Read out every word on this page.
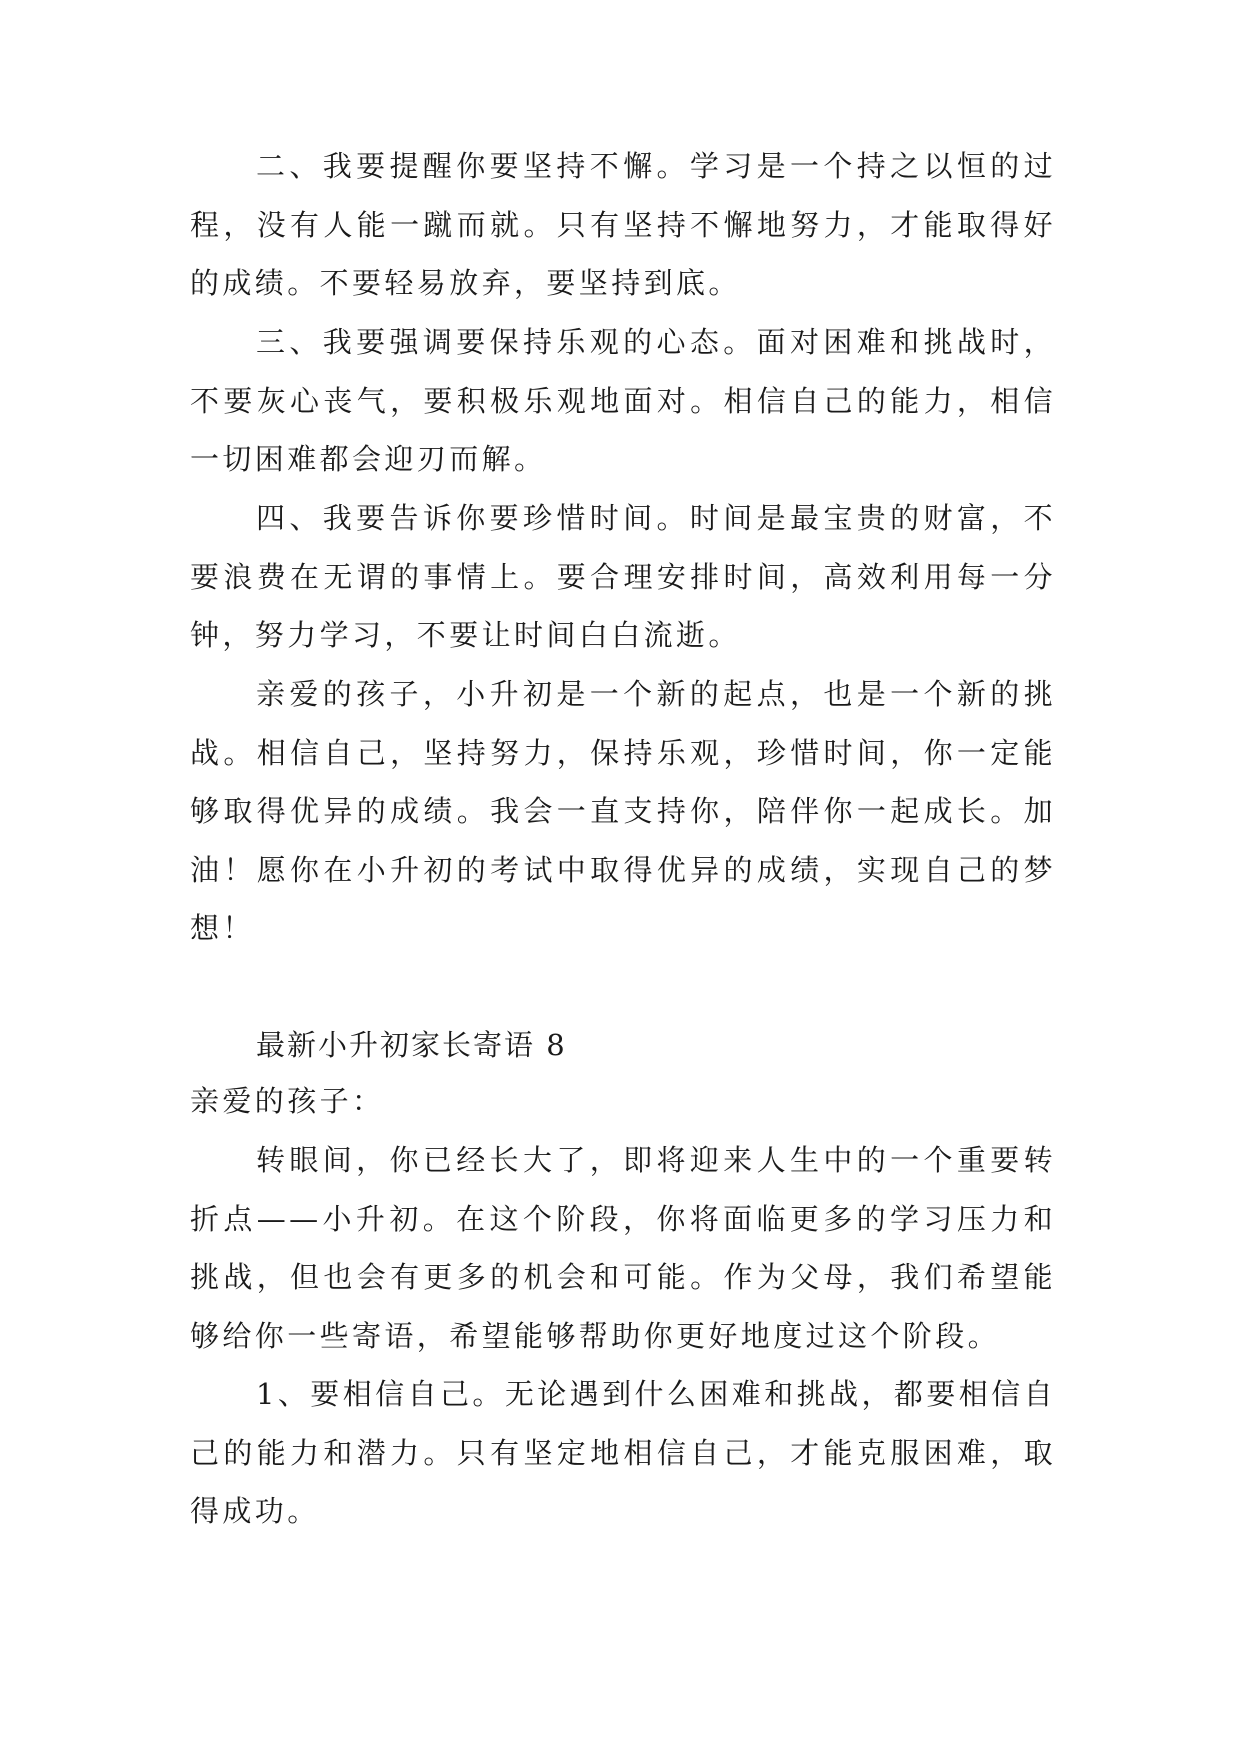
二、我要提醒你要坚持不懈。学习是一个持之以恒的过程，没有人能一蹴而就。只有坚持不懈地努力，才能取得好的成绩。不要轻易放弃，要坚持到底。

三、我要强调要保持乐观的心态。面对困难和挑战时，不要灰心丧气，要积极乐观地面对。相信自己的能力，相信一切困难都会迎刃而解。

四、我要告诉你要珍惜时间。时间是最宝贵的财富，不要浪费在无谓的事情上。要合理安排时间，高效利用每一分钟，努力学习，不要让时间白白流逝。

亲爱的孩子，小升初是一个新的起点，也是一个新的挑战。相信自己，坚持努力，保持乐观，珍惜时间，你一定能够取得优异的成绩。我会一直支持你，陪伴你一起成长。加油！愿你在小升初的考试中取得优异的成绩，实现自己的梦想！

最新小升初家长寄语 8
亲爱的孩子：

转眼间，你已经长大了，即将迎来人生中的一个重要转折点——小升初。在这个阶段，你将面临更多的学习压力和挑战，但也会有更多的机会和可能。作为父母，我们希望能够给你一些寄语，希望能够帮助你更好地度过这个阶段。

1、要相信自己。无论遇到什么困难和挑战，都要相信自己的能力和潜力。只有坚定地相信自己，才能克服困难，取得成功。
